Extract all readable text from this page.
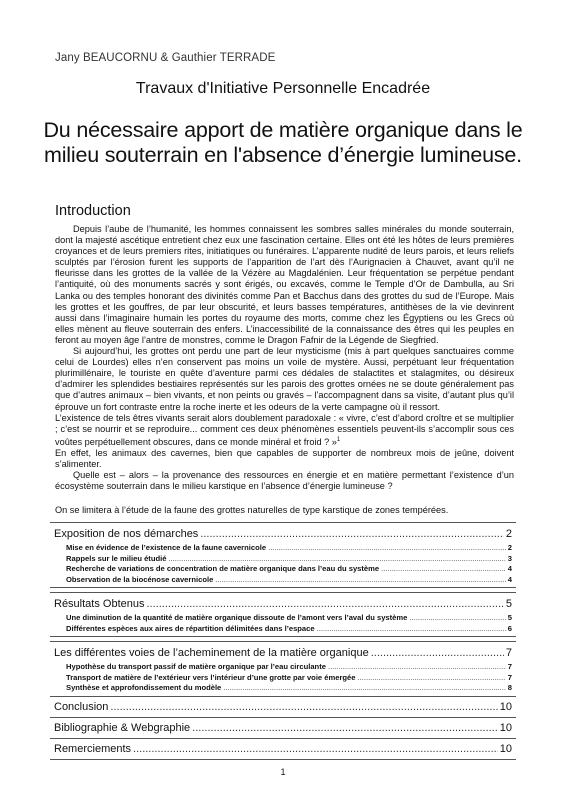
Jany BEAUCORNU & Gauthier TERRADE
Travaux d'Initiative Personnelle Encadrée
Du nécessaire apport de matière organique dans le milieu souterrain en l'absence d’énergie lumineuse.
Introduction

Depuis l’aube de l’humanité, les hommes connaissent les sombres salles minérales du monde souterrain, dont la majesté ascétique entretient chez eux une fascination certaine. Elles ont été les hôtes de leurs premières croyances et de leurs premiers rites, initiatiques ou funéraires. L’apparente nudité de leurs parois, et leurs reliefs sculptés par l’érosion furent les supports de l’apparition de l’art dès l’Aurignacien à Chauvet, avant qu’il ne fleurisse dans les grottes de la vallée de la Vézère au Magdalénien. Leur fréquentation se perpétue pendant l’antiquité, où des monuments sacrés y sont érigés, ou excavés, comme le Temple d’Or de Dambulla, au Sri Lanka ou des temples honorant des divinités comme Pan et Bacchus dans des grottes du sud de l’Europe. Mais les grottes et les gouffres, de par leur obscurité, et leurs basses températures, antithèses de la vie devinrent aussi dans l’imaginaire humain les portes du royaume des morts, comme chez les Égyptiens ou les Grecs où elles mènent au fleuve souterrain des enfers. L’inaccessibilité de la connaissance des êtres qui les peuples en feront au moyen âge l’antre de monstres, comme le Dragon Fafnir de la Légende de Siegfried.

Si aujourd’hui, les grottes ont perdu une part de leur mysticisme (mis à part quelques sanctuaires comme celui de Lourdes) elles n’en conservent pas moins un voile de mystère. Aussi, perpétuant leur fréquentation plurimillénaire, le touriste en quête d’aventure parmi ces dédales de stalactites et stalagmites, ou désireux d’admirer les splendides bestiaires représentés sur les parois des grottes ornées ne se doute généralement pas que d’autres animaux – bien vivants, et non peints ou gravés – l’accompagnent dans sa visite, d’autant plus qu’il éprouve un fort contraste entre la roche inerte et les odeurs de la verte campagne où il ressort.

L’existence de tels êtres vivants serait alors doublement paradoxale : « vivre, c’est d’abord croître et se multiplier ; c’est se nourrir et se reproduire... comment ces deux phénomènes essentiels peuvent-ils s’accomplir sous ces voûtes perpétuellement obscures, dans ce monde minéral et froid ? »$^1$

En effet, les animaux des cavernes, bien que capables de supporter de nombreux mois de jeûne, doivent s’alimenter.

Quelle est – alors – la provenance des ressources en énergie et en matière permettant l’existence d’un écosystème souterrain dans le milieu karstique en l’absence d’énergie lumineuse ?

On se limitera à l’étude de la faune des grottes naturelles de type karstique de zones tempérées.
Exposition de nos démarches .....	2
Mise en évidence de l’existence de la faune cavernicole .....	2
Rappels sur le milieu étudié .....	3
Recherche de variations de concentration de matière organique dans l’eau du système .....	4
Observation de la biocénose cavernicole .....	4
Résultats Obtenus .....	5
Une diminution de la quantité de matière organique dissoute de l’amont vers l’aval du système .....	5
Différentes espèces aux aires de répartition délimitées dans l’espace .....	6
Les différentes voies de l’acheminement de la matière organique .....	7
Hypothèse du transport passif de matière organique par l’eau circulante .....	7
Transport de matière de l’extérieur vers l’intérieur d’une grotte par voie émergée .....	7
Synthèse et approfondissement du modèle .....	8
Conclusion .....	10
Bibliographie & Webgraphie .....	10
Remerciements .....	10
1
